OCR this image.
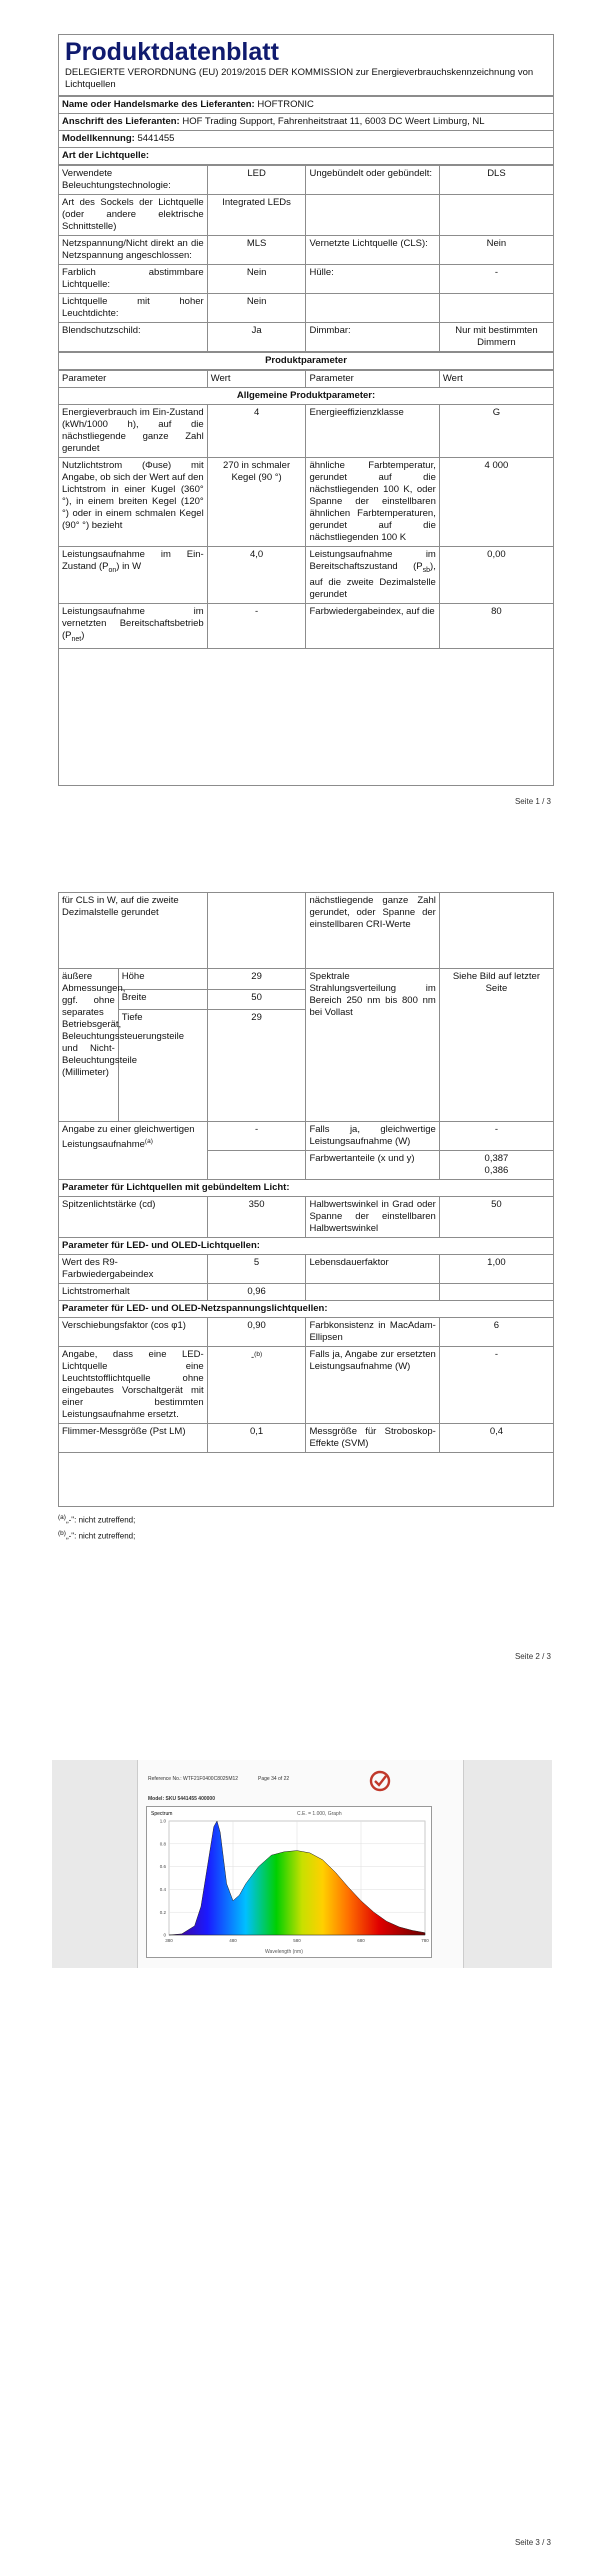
Produktdatenblatt
DELEGIERTE VERORDNUNG (EU) 2019/2015 DER KOMMISSION zur Energieverbrauchskennzeichnung von Lichtquellen
Name oder Handelsmarke des Lieferanten: HOFTRONIC
Anschrift des Lieferanten: HOF Trading Support, Fahrenheitstraat 11, 6003 DC Weert Limburg, NL
Modellkennung: 5441455
Art der Lichtquelle:
Verwendete Beleuchtungstechnologie:	LED	Ungebündelt oder gebündelt:	DLS
Art des Sockels der Lichtquelle (oder andere elektrische Schnittstelle)	Integrated LEDs		
Netzspannung/Nicht direkt an die Netzspannung angeschlossen:	MLS	Vernetzte Lichtquelle (CLS):	Nein
Farblich abstimmbare Lichtquelle:	Nein	Hülle:	-
Lichtquelle mit hoher Leuchtdichte:	Nein		
Blendschutzschild:	Ja	Dimmbar:	Nur mit bestimmten Dimmern
Produktparameter
Parameter	Wert	Parameter	Wert
Allgemeine Produktparameter:			
Energieverbrauch im Ein-Zustand (kWh/1000 h), auf die nächstliegende ganze Zahl gerundet	4	Energieeffizienzklasse	G
Nutzlichtstrom (Φuse) mit Angabe, ob sich der Wert auf den Lichtstrom in einer Kugel (360° °), in einem breiten Kegel (120° °) oder in einem schmalen Kegel (90° °) bezieht	270 in schmaler Kegel (90 °)	ähnliche Farbtemperatur, gerundet auf die nächstliegenden 100 K, oder Spanne der einstellbaren ähnlichen Farbtemperaturen, gerundet auf die nächstliegenden 100 K	4 000
Leistungsaufnahme im Ein-Zustand $(P_{on})$ in W	4,0	Leistungsaufnahme im Bereitschaftszustand $(P_{sb})$, auf die zweite Dezimalstelle gerundet	0,00
Leistungsaufnahme im vernetzten Bereitschaftsbetrieb $(P_{net})$	-	Farbwiedergabeindex, auf die	80
Seite 1 / 3
für CLS in W, auf die zweite Dezimalstelle gerundet			nächstliegende ganze Zahl gerundet, oder Spanne der einstellbaren CRI-Werte	
äußere Abmessungen, ggf. ohne separates Betriebsgerät, Beleuchtungssteuerungsteile und Nicht-Beleuchtungsteile (Millimeter)	Höhe	29	Spektrale Strahlungsverteilung im Bereich 250 nm bis 800 nm bei Vollast	Siehe Bild auf letzter Seite
	Breite	50		
	Tiefe	29		
Angabe zu einer gleichwertigen Leistungsaufnahme$^{(a)}$		-	Falls ja, gleichwertige Leistungsaufnahme (W)	-
			Farbwertanteile (x und y)	0,387
0,386

Parameter für Lichtquellen mit gebündeltem Licht:				
Spitzenlichtstärke (cd)		350	Halbwertswinkel in Grad oder Spanne der einstellbaren Halbwertswinkel	50
Parameter für LED- und OLED-Lichtquellen:				
Wert des R9-Farbwiedergabeindex		5	Lebensdauerfaktor	1,00
Lichtstromerhalt		0,96		
Parameter für LED- und OLED-Netzspannungslichtquellen:				
Verschiebungsfaktor (cos φ1)		0,90	Farbkonsistenz in MacAdam-Ellipsen	6
Angabe, dass eine LED-Lichtquelle eine Leuchtstofflichtquelle ohne eingebautes Vorschaltgerät mit einer bestimmten Leistungsaufnahme ersetzt.		-$^{(b)}$	Falls ja, Angabe zur ersetzten Leistungsaufnahme (W)	-
Flimmer-Messgröße (Pst LM)		0,1	Messgröße für Stroboskop-Effekte (SVM)	0,4
$^{(a)}$„-": nicht zutreffend;
$^{(b)}$„-": nicht zutreffend;
Seite 2 / 3
Reference No.: WTF21F0400C8025M12	Page 34 of 22
Model: SKU 5441455 400000
Spectrum	C.E. = 1.000, Graph
Wavelength (nm)
1.0
0.8
0.6
0.4
0.2
0
380	480	580	680	780
Seite 3 / 3
